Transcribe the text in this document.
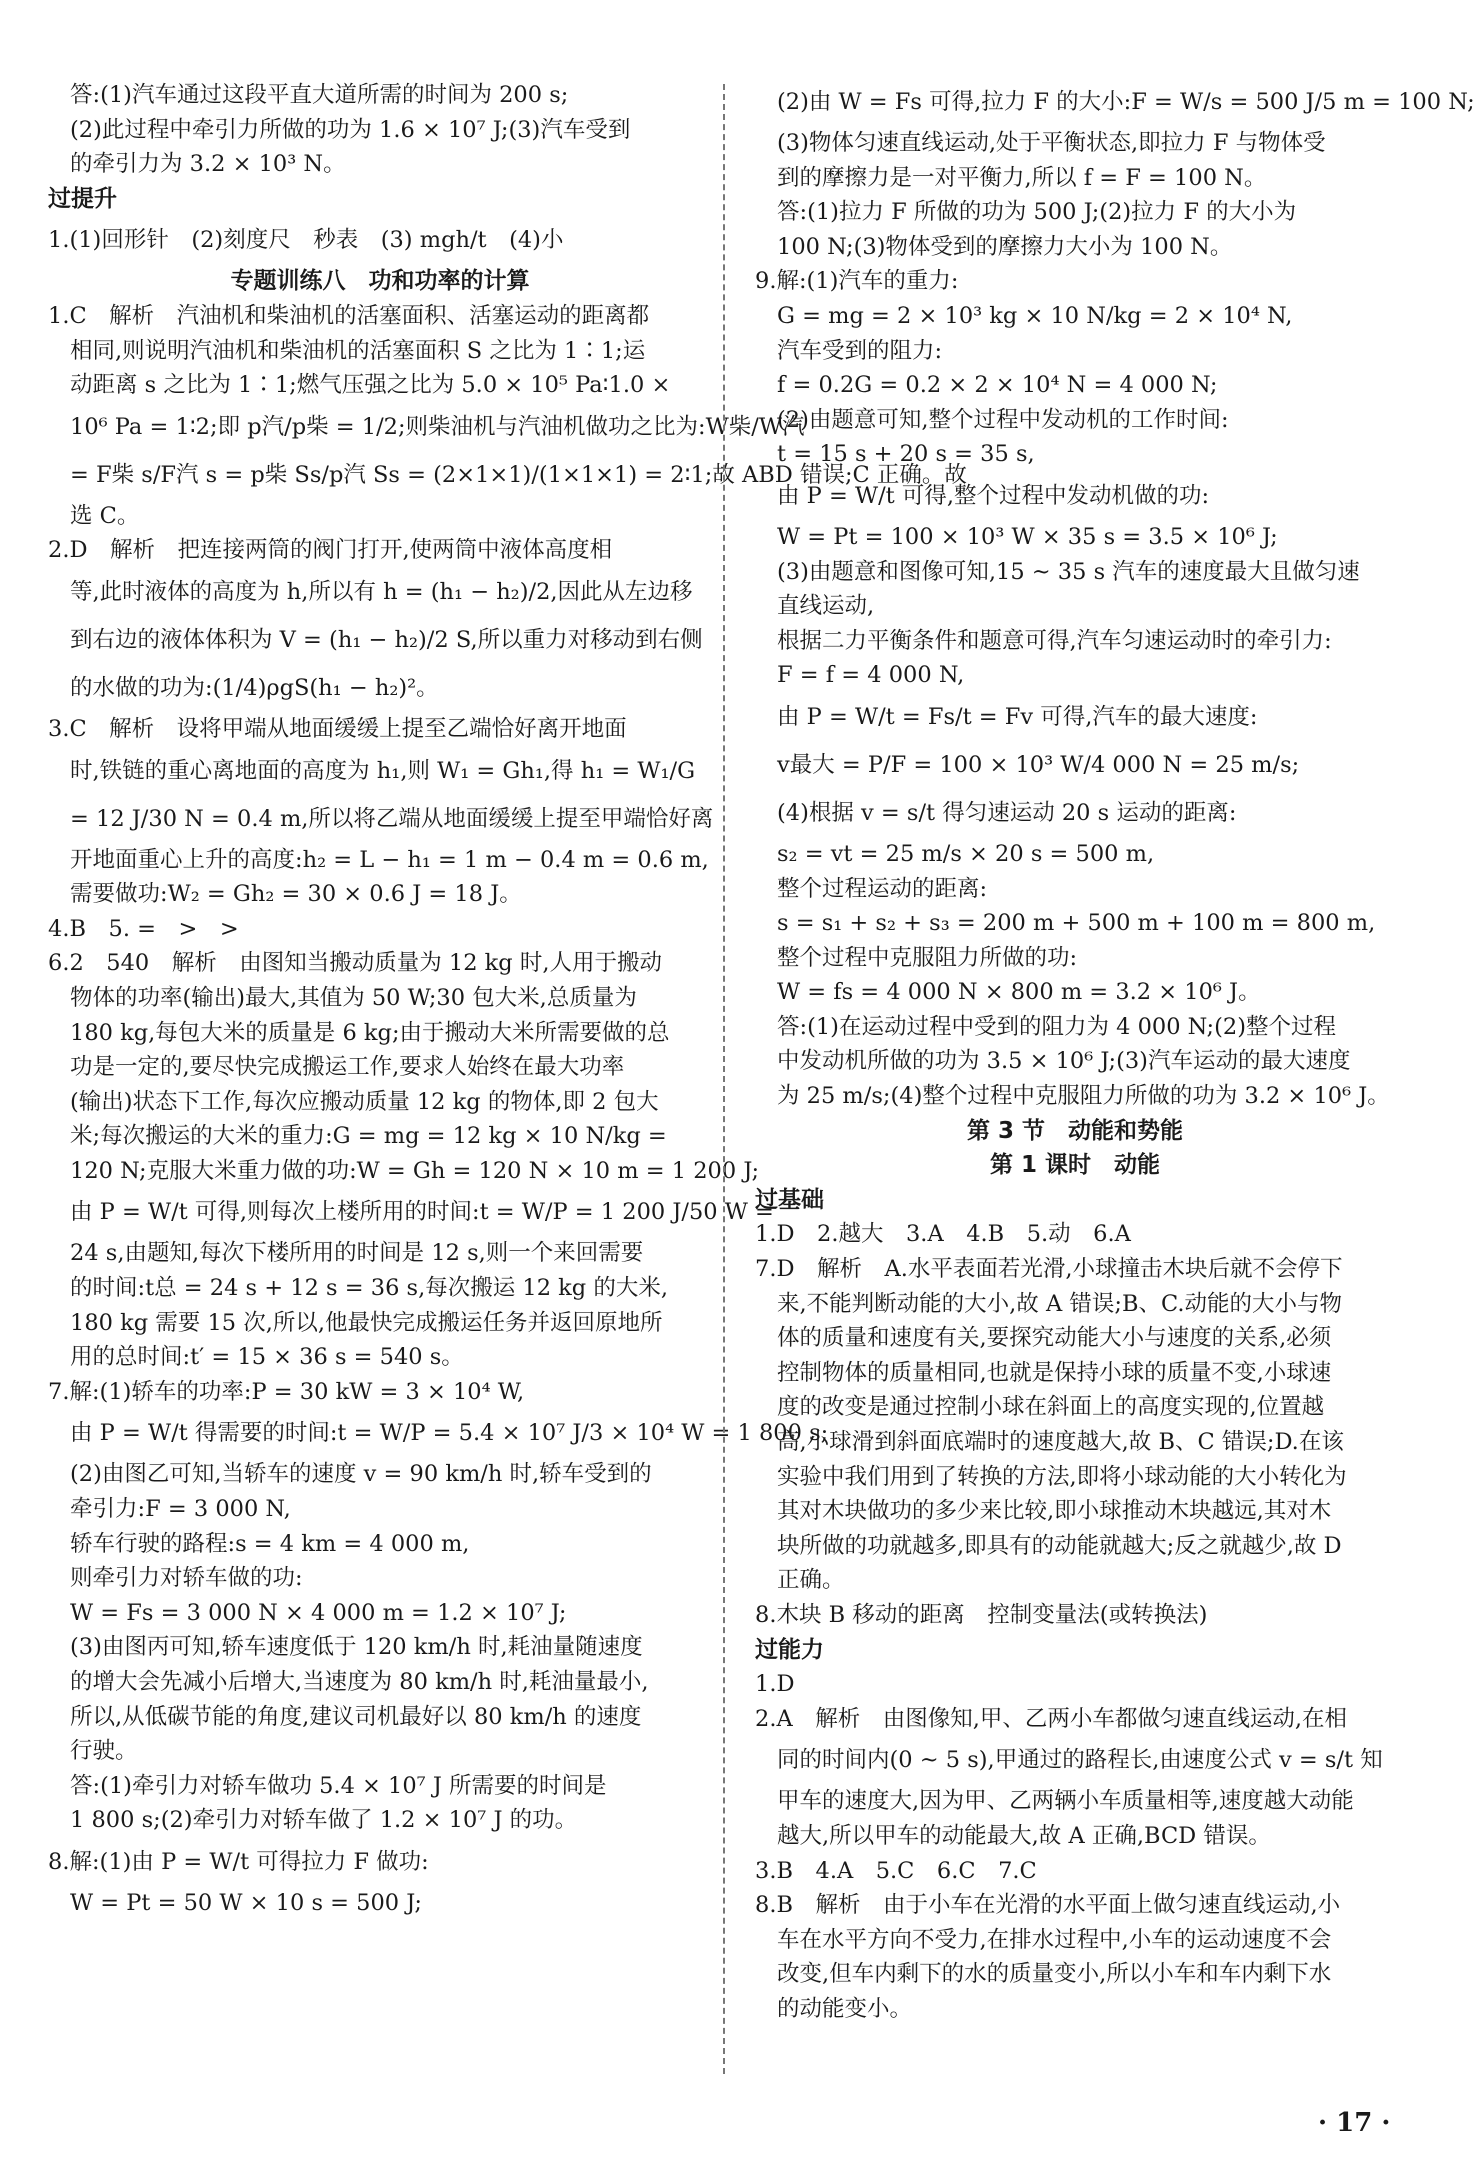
答:(1)汽车通过这段平直大道所需的时间为 200 s;
(2)此过程中牵引力所做的功为 1.6 × 10⁷ J;(3)汽车受到
的牵引力为 3.2 × 10³ N。
过提升
1.(1)回形针　(2)刻度尺　秒表　(3) mgh/t　(4)小
专题训练八　功和功率的计算
1.C　解析　汽油机和柴油机的活塞面积、活塞运动的距离都
相同,则说明汽油机和柴油机的活塞面积 S 之比为 1∶1;运
动距离 s 之比为 1∶1;燃气压强之比为 5.0 × 10⁵ Pa∶1.0 ×
10⁶ Pa = 1∶2;即 p汽/p柴 = 1/2;则柴油机与汽油机做功之比为:W柴/W汽
= F柴 s/F汽 s = p柴 Ss/p汽 Ss = (2×1×1)/(1×1×1) = 2∶1;故 ABD 错误;C 正确。故
选 C。
2.D　解析　把连接两筒的阀门打开,使两筒中液体高度相
等,此时液体的高度为 h,所以有 h = (h₁ − h₂)/2,因此从左边移
到右边的液体体积为 V = (h₁ − h₂)/2 S,所以重力对移动到右侧
的水做的功为:(1/4)ρgS(h₁ − h₂)²。
3.C　解析　设将甲端从地面缓缓上提至乙端恰好离开地面
时,铁链的重心离地面的高度为 h₁,则 W₁ = Gh₁,得 h₁ = W₁/G
= 12 J/30 N = 0.4 m,所以将乙端从地面缓缓上提至甲端恰好离
开地面重心上升的高度:h₂ = L − h₁ = 1 m − 0.4 m = 0.6 m,
需要做功:W₂ = Gh₂ = 30 × 0.6 J = 18 J。
4.B　5. =　>　>
6.2　540　解析　由图知当搬动质量为 12 kg 时,人用于搬动
物体的功率(输出)最大,其值为 50 W;30 包大米,总质量为
180 kg,每包大米的质量是 6 kg;由于搬动大米所需要做的总
功是一定的,要尽快完成搬运工作,要求人始终在最大功率
(输出)状态下工作,每次应搬动质量 12 kg 的物体,即 2 包大
米;每次搬运的大米的重力:G = mg = 12 kg × 10 N/kg =
120 N;克服大米重力做的功:W = Gh = 120 N × 10 m = 1 200 J;
由 P = W/t 可得,则每次上楼所用的时间:t = W/P = 1 200 J/50 W =
24 s,由题知,每次下楼所用的时间是 12 s,则一个来回需要
的时间:t总 = 24 s + 12 s = 36 s,每次搬运 12 kg 的大米,
180 kg 需要 15 次,所以,他最快完成搬运任务并返回原地所
用的总时间:t′ = 15 × 36 s = 540 s。
7.解:(1)轿车的功率:P = 30 kW = 3 × 10⁴ W,
由 P = W/t 得需要的时间:t = W/P = 5.4 × 10⁷ J/3 × 10⁴ W = 1 800 s;
(2)由图乙可知,当轿车的速度 v = 90 km/h 时,轿车受到的
牵引力:F = 3 000 N,
轿车行驶的路程:s = 4 km = 4 000 m,
则牵引力对轿车做的功:
W = Fs = 3 000 N × 4 000 m = 1.2 × 10⁷ J;
(3)由图丙可知,轿车速度低于 120 km/h 时,耗油量随速度
的增大会先减小后增大,当速度为 80 km/h 时,耗油量最小,
所以,从低碳节能的角度,建议司机最好以 80 km/h 的速度
行驶。
答:(1)牵引力对轿车做功 5.4 × 10⁷ J 所需要的时间是
1 800 s;(2)牵引力对轿车做了 1.2 × 10⁷ J 的功。
8.解:(1)由 P = W/t 可得拉力 F 做功:
W = Pt = 50 W × 10 s = 500 J;
(2)由 W = Fs 可得,拉力 F 的大小:F = W/s = 500 J/5 m = 100 N;
(3)物体匀速直线运动,处于平衡状态,即拉力 F 与物体受
到的摩擦力是一对平衡力,所以 f = F = 100 N。
答:(1)拉力 F 所做的功为 500 J;(2)拉力 F 的大小为
100 N;(3)物体受到的摩擦力大小为 100 N。
9.解:(1)汽车的重力:
G = mg = 2 × 10³ kg × 10 N/kg = 2 × 10⁴ N,
汽车受到的阻力:
f = 0.2G = 0.2 × 2 × 10⁴ N = 4 000 N;
(2)由题意可知,整个过程中发动机的工作时间:
t = 15 s + 20 s = 35 s,
由 P = W/t 可得,整个过程中发动机做的功:
W = Pt = 100 × 10³ W × 35 s = 3.5 × 10⁶ J;
(3)由题意和图像可知,15 ~ 35 s 汽车的速度最大且做匀速
直线运动,
根据二力平衡条件和题意可得,汽车匀速运动时的牵引力:
F = f = 4 000 N,
由 P = W/t = Fs/t = Fv 可得,汽车的最大速度:
v最大 = P/F = 100 × 10³ W/4 000 N = 25 m/s;
(4)根据 v = s/t 得匀速运动 20 s 运动的距离:
s₂ = vt = 25 m/s × 20 s = 500 m,
整个过程运动的距离:
s = s₁ + s₂ + s₃ = 200 m + 500 m + 100 m = 800 m,
整个过程中克服阻力所做的功:
W = fs = 4 000 N × 800 m = 3.2 × 10⁶ J。
答:(1)在运动过程中受到的阻力为 4 000 N;(2)整个过程
中发动机所做的功为 3.5 × 10⁶ J;(3)汽车运动的最大速度
为 25 m/s;(4)整个过程中克服阻力所做的功为 3.2 × 10⁶ J。
第 3 节　动能和势能
第 1 课时　动能
过基础
1.D　2.越大　3.A　4.B　5.动　6.A
7.D　解析　A.水平表面若光滑,小球撞击木块后就不会停下
来,不能判断动能的大小,故 A 错误;B、C.动能的大小与物
体的质量和速度有关,要探究动能大小与速度的关系,必须
控制物体的质量相同,也就是保持小球的质量不变,小球速
度的改变是通过控制小球在斜面上的高度实现的,位置越
高,小球滑到斜面底端时的速度越大,故 B、C 错误;D.在该
实验中我们用到了转换的方法,即将小球动能的大小转化为
其对木块做功的多少来比较,即小球推动木块越远,其对木
块所做的功就越多,即具有的动能就越大;反之就越少,故 D
正确。
8.木块 B 移动的距离　控制变量法(或转换法)
过能力
1.D
2.A　解析　由图像知,甲、乙两小车都做匀速直线运动,在相
同的时间内(0 ~ 5 s),甲通过的路程长,由速度公式 v = s/t 知
甲车的速度大,因为甲、乙两辆小车质量相等,速度越大动能
越大,所以甲车的动能最大,故 A 正确,BCD 错误。
3.B　4.A　5.C　6.C　7.C
8.B　解析　由于小车在光滑的水平面上做匀速直线运动,小
车在水平方向不受力,在排水过程中,小车的运动速度不会
改变,但车内剩下的水的质量变小,所以小车和车内剩下水
的动能变小。
· 17 ·
